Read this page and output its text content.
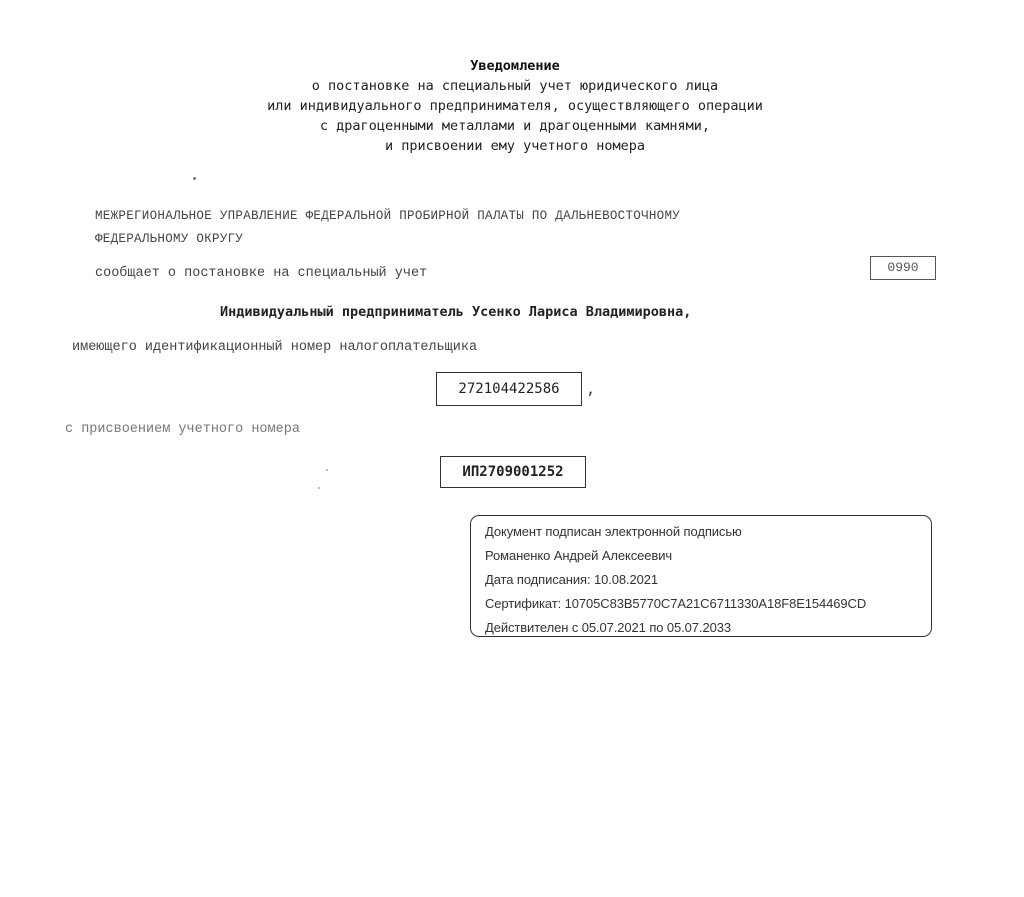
Уведомление
о постановке на специальный учет юридического лица
или индивидуального предпринимателя, осуществляющего операции
с драгоценными металлами и драгоценными камнями,
и присвоении ему учетного номера
МЕЖРЕГИОНАЛЬНОЕ УПРАВЛЕНИЕ ФЕДЕРАЛЬНОЙ ПРОБИРНОЙ ПАЛАТЫ ПО ДАЛЬНЕВОСТОЧНОМУ
ФЕДЕРАЛЬНОМУ ОКРУГУ
сообщает о постановке на специальный учет	0990
Индивидуальный предприниматель Усенко Лариса Владимировна,
имеющего идентификационный номер налогоплательщика
272104422586	,
с присвоением учетного номера
ИП2709001252
Документ подписан электронной подписью
Романенко Андрей Алексеевич
Дата подписания: 10.08.2021
Сертификат: 10705C83B5770C7A21C6711330A18F8E154469CD
Действителен с 05.07.2021 по 05.07.2033
